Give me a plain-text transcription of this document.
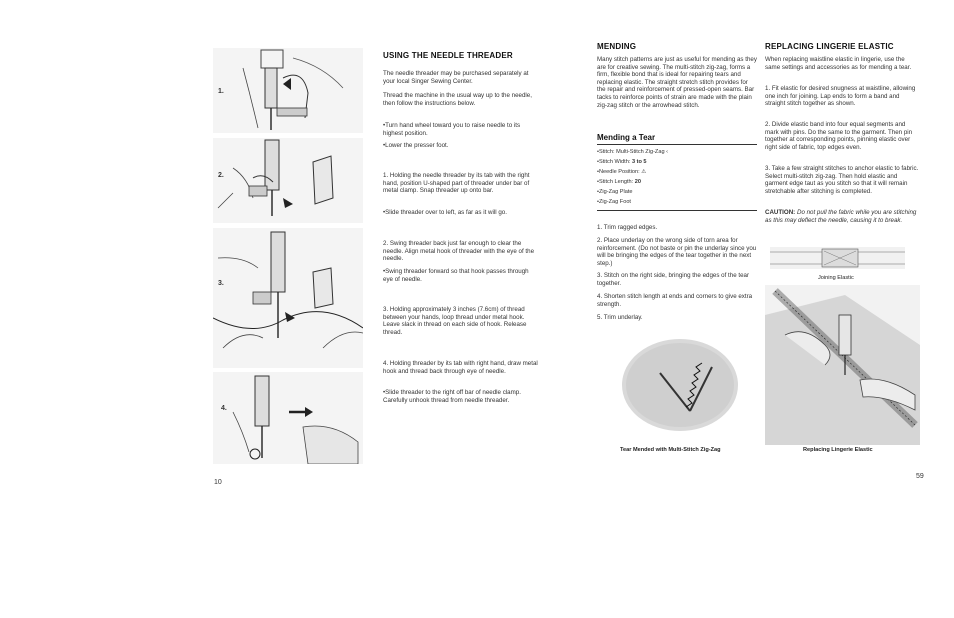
1.
2.
3.
4.
USING THE NEEDLE THREADER

The needle threader may be purchased separately at your local Singer Sewing Center.

Thread the machine in the usual way up to the needle, then follow the instructions below.

• Turn hand wheel toward you to raise needle to its highest position.

• Lower the presser foot.

1. Holding the needle threader by its tab with the right hand, position U-shaped part of threader under bar of metal clamp. Snap threader up onto bar.

• Slide threader over to left, as far as it will go.

2. Swing threader back just far enough to clear the needle. Align metal hook of threader with the eye of the needle.

• Swing threader forward so that hook passes through eye of needle.

3. Holding approximately 3 inches (7.6cm) of thread between your hands, loop thread under metal hook. Leave slack in thread on each side of hook. Release thread.

4. Holding threader by its tab with right hand, draw metal hook and thread back through eye of needle.

• Slide threader to the right off bar of needle clamp. Carefully unhook thread from needle threader.

10
MENDING

Many stitch patterns are just as useful for mending as they are for creative sewing. The multi-stitch zig-zag, forms a firm, flexible bond that is ideal for repairing tears and replacing elastic. The straight stretch stitch provides for the repair and reinforcement of pressed-open seams. Bar tacks to reinforce points of strain are made with the plain zig-zag stitch or the arrowhead stitch.

Mending a Tear

• Stitch: Multi-Stitch Zig-Zag ‹

• Stitch Width: 3 to 5

• Needle Position: ⚠

• Stitch Length: 20

• Zig-Zag Plate

• Zig-Zag Foot

1. Trim ragged edges.

2. Place underlay on the wrong side of torn area for reinforcement. (Do not baste or pin the underlay since you will be bringing the edges of the tear together in the next step.)

3. Stitch on the right side, bringing the edges of the tear together.

4. Shorten stitch length at ends and corners to give extra strength.

5. Trim underlay.

Tear Mended with Multi-Stitch Zig-Zag

REPLACING LINGERIE ELASTIC

When replacing waistline elastic in lingerie, use the same settings and accessories as for mending a tear.

1. Fit elastic for desired snugness at waistline, allowing one inch for joining. Lap ends to form a band and straight stitch together as shown.

2. Divide elastic band into four equal segments and mark with pins. Do the same to the garment. Then pin together at corresponding points, pinning elastic over right side of fabric, top edges even.

3. Take a few straight stitches to anchor elastic to fabric. Select multi-stitch zig-zag. Then hold elastic and garment edge taut as you stitch so that it will remain stretchable after stitching is completed.

CAUTION: Do not pull the fabric while you are stitching as this may deflect the needle, causing it to break.

Joining Elastic

Replacing Lingerie Elastic

59
